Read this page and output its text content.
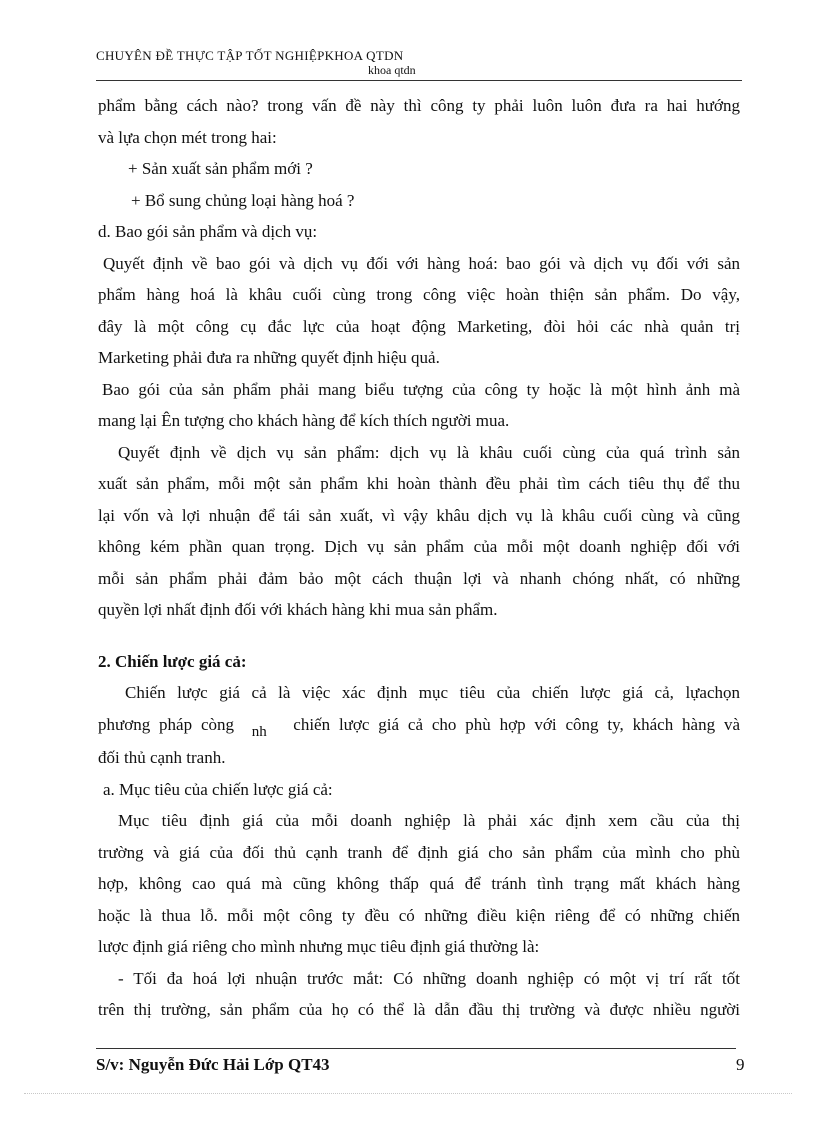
CHUYÊN ĐỀ THỰC TẬP TỐT NGHIỆPKHOA QTDN
khoa qtdn

phẩm bằng cách nào? trong vấn đề này thì công ty phải luôn luôn đưa ra hai hướng
và lựa chọn mét trong hai:

+ Sản xuất sản phẩm mới ?

+ Bổ sung chủng loại hàng hoá ?

d. Bao gói sản phẩm và dịch vụ:

Quyết định về bao gói và dịch vụ đối với hàng hoá: bao gói và dịch vụ đối với sản
phẩm hàng hoá là khâu cuối cùng trong công việc hoàn thiện sản phẩm. Do vậy,
đây là một công cụ đắc lực của hoạt động Marketing, đòi hỏi các nhà quản trị
Marketing phải đưa ra những quyết định hiệu quả.

Bao gói của sản phẩm phải mang biểu tượng của công ty hoặc là một hình ảnh mà
mang lại Ên tượng cho khách hàng để kích thích người mua.

Quyết định về dịch vụ sản phẩm: dịch vụ là khâu cuối cùng của quá trình sản
xuất sản phẩm, mỗi một sản phẩm khi hoàn thành đều phải tìm cách tiêu thụ để thu
lại vốn và lợi nhuận để tái sản xuất, vì vậy khâu dịch vụ là khâu cuối cùng và cũng
không kém phần quan trọng. Dịch vụ sản phẩm của mỗi một doanh nghiệp đối với
mỗi sản phẩm phải đảm bảo một cách thuận lợi và nhanh chóng nhất, có những
quyền lợi nhất định đối với khách hàng khi mua sản phẩm.

2. Chiến lược giá cả:

Chiến lược giá cả là việc xác định mục tiêu của chiến lược giá cả, lựachọn
phương pháp còng nh chiến lược giá cả cho phù hợp với công ty, khách hàng và
đối thủ cạnh tranh.

a. Mục tiêu của chiến lược giá cả:

Mục tiêu định giá của mỗi doanh nghiệp là phải xác định xem cầu của thị
trường và giá của đối thủ cạnh tranh để định giá cho sản phẩm của mình cho phù
hợp, không cao quá mà cũng không thấp quá để tránh tình trạng mất khách hàng
hoặc là thua lỗ. mỗi một công ty đều có những điều kiện riêng để có những chiến
lược định giá riêng cho mình nhưng mục tiêu định giá thường là:

- Tối đa hoá lợi nhuận trước mắt: Có những doanh nghiệp có một vị trí rất tốt
trên thị trường, sản phẩm của họ có thể là dẫn đầu thị trường và được nhiều người

S/v: Nguyễn Đức Hải Lớp QT43	9
